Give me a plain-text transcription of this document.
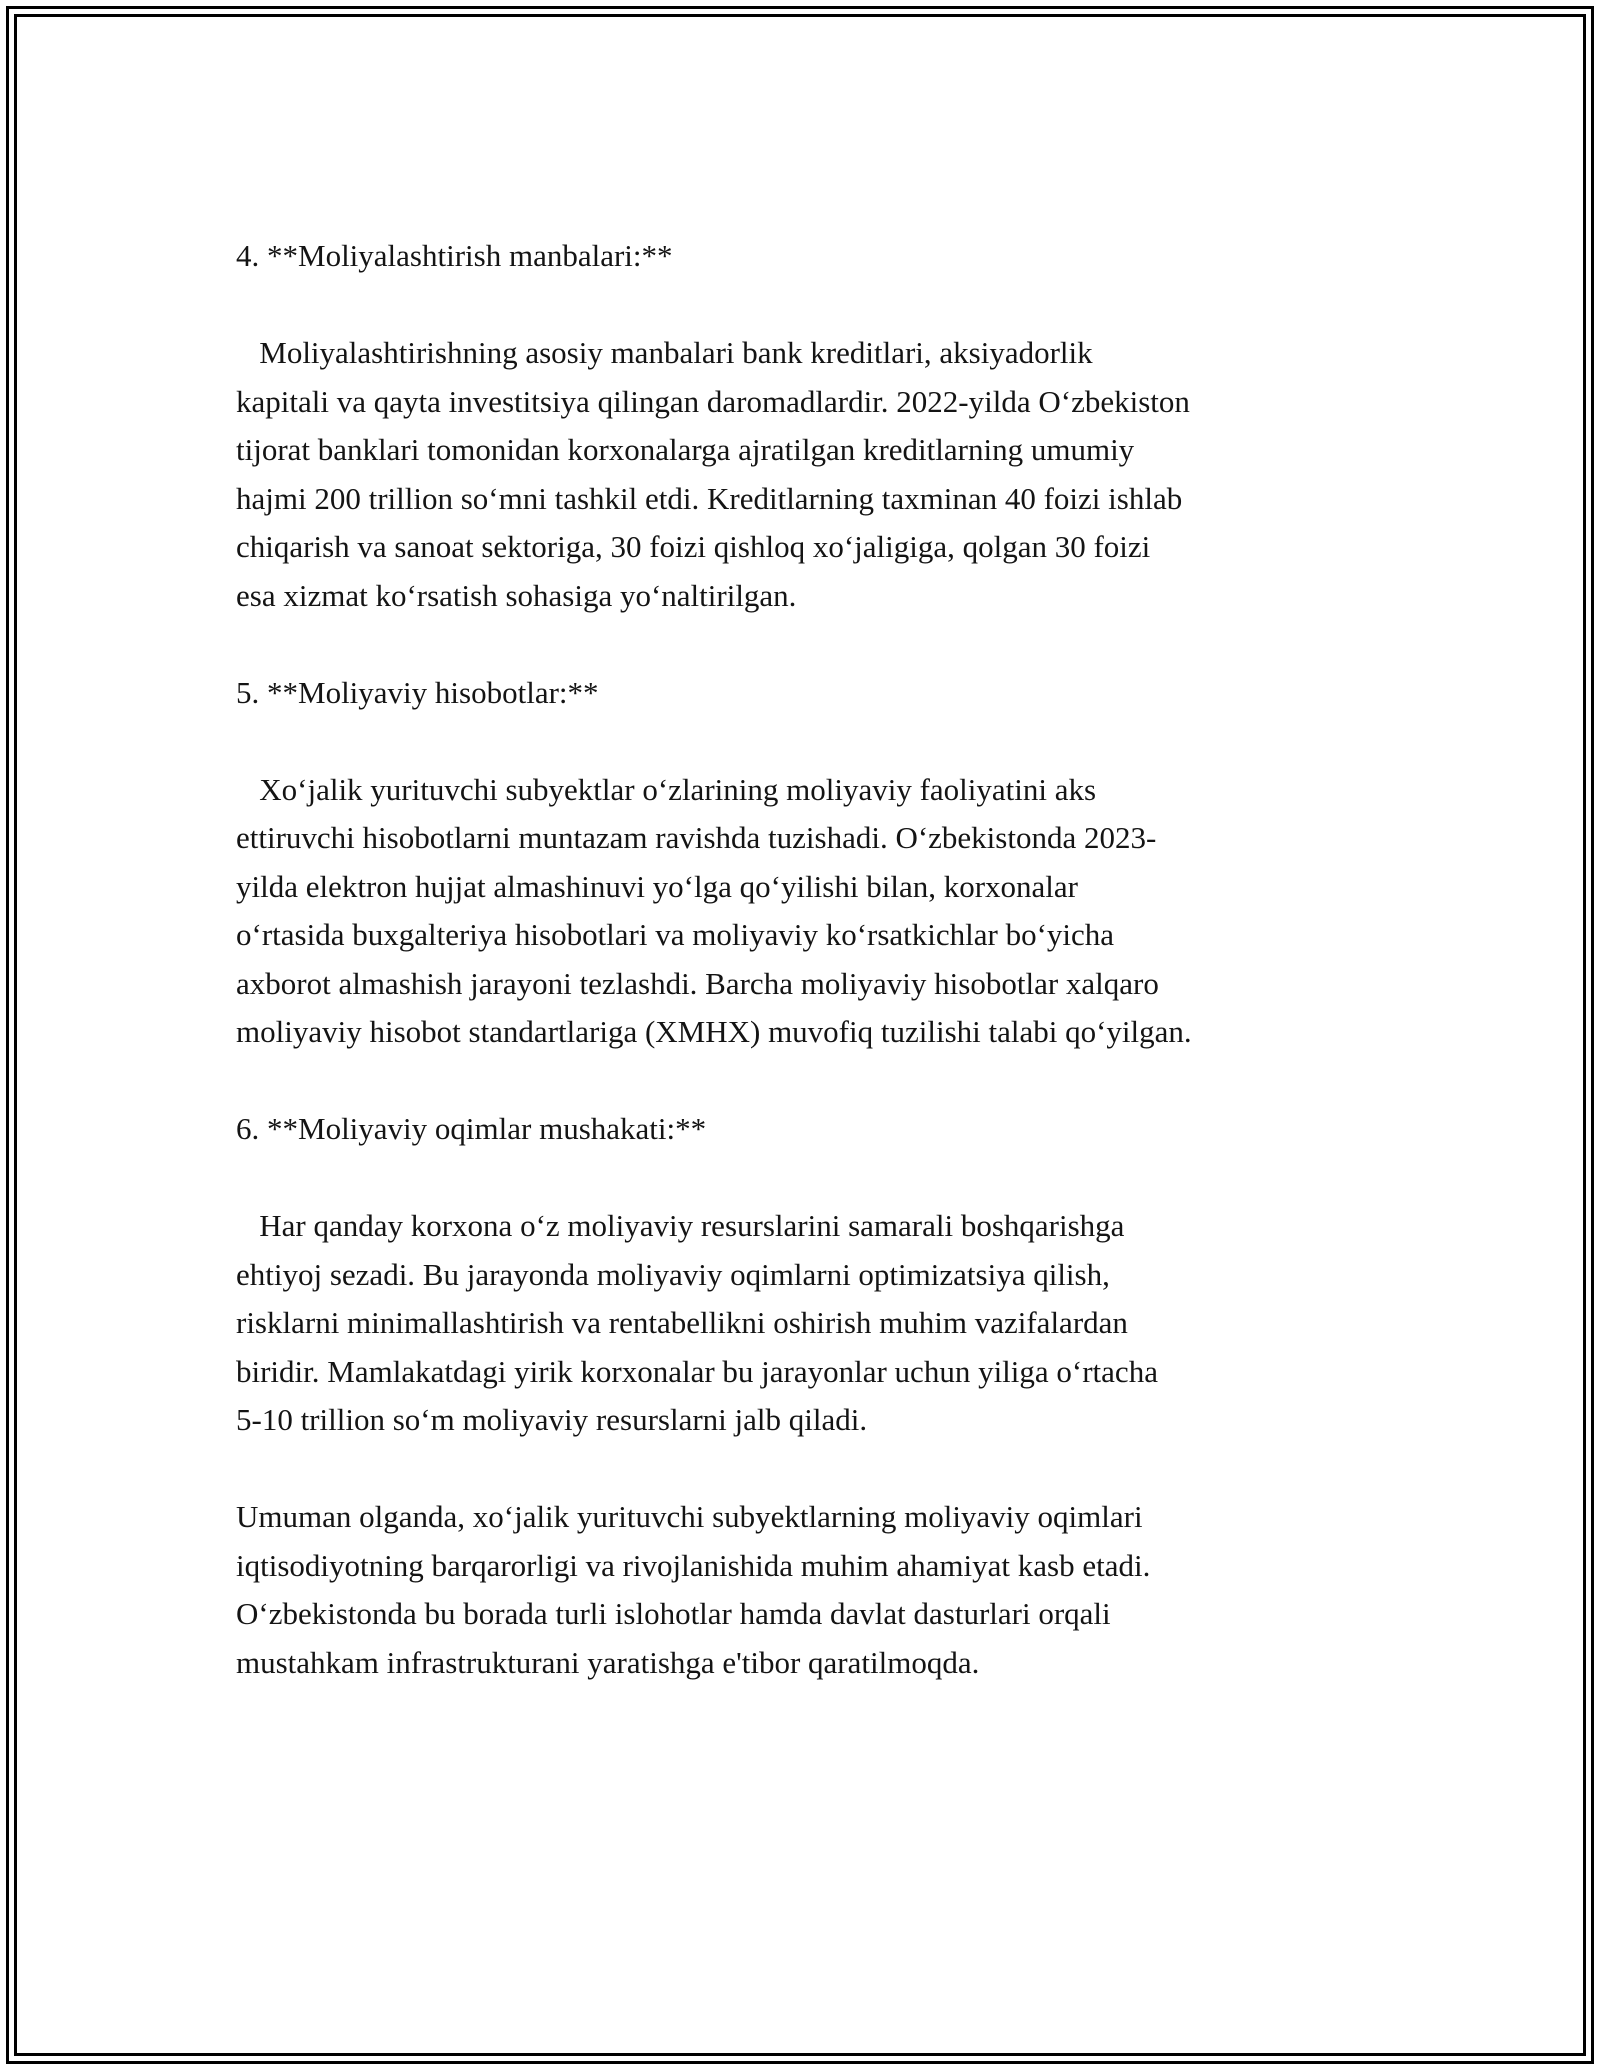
4. **Moliyalashtirish manbalari:**
Moliyalashtirishning asosiy manbalari bank kreditlari, aksiyadorlik
kapitali va qayta investitsiya qilingan daromadlardir. 2022-yilda O‘zbekiston
tijorat banklari tomonidan korxonalarga ajratilgan kreditlarning umumiy
hajmi 200 trillion so‘mni tashkil etdi. Kreditlarning taxminan 40 foizi ishlab
chiqarish va sanoat sektoriga, 30 foizi qishloq xo‘jaligiga, qolgan 30 foizi
esa xizmat ko‘rsatish sohasiga yo‘naltirilgan.
5. **Moliyaviy hisobotlar:**
Xo‘jalik yurituvchi subyektlar o‘zlarining moliyaviy faoliyatini aks
ettiruvchi hisobotlarni muntazam ravishda tuzishadi. O‘zbekistonda 2023-
yilda elektron hujjat almashinuvi yo‘lga qo‘yilishi bilan, korxonalar
o‘rtasida buxgalteriya hisobotlari va moliyaviy ko‘rsatkichlar bo‘yicha
axborot almashish jarayoni tezlashdi. Barcha moliyaviy hisobotlar xalqaro
moliyaviy hisobot standartlariga (XMHX) muvofiq tuzilishi talabi qo‘yilgan.
6. **Moliyaviy oqimlar mushakati:**
Har qanday korxona o‘z moliyaviy resurslarini samarali boshqarishga
ehtiyoj sezadi. Bu jarayonda moliyaviy oqimlarni optimizatsiya qilish,
risklarni minimallashtirish va rentabellikni oshirish muhim vazifalardan
biridir. Mamlakatdagi yirik korxonalar bu jarayonlar uchun yiliga o‘rtacha
5-10 trillion so‘m moliyaviy resurslarni jalb qiladi.
Umuman olganda, xo‘jalik yurituvchi subyektlarning moliyaviy oqimlari
iqtisodiyotning barqarorligi va rivojlanishida muhim ahamiyat kasb etadi.
O‘zbekistonda bu borada turli islohotlar hamda davlat dasturlari orqali
mustahkam infrastrukturani yaratishga e'tibor qaratilmoqda.
